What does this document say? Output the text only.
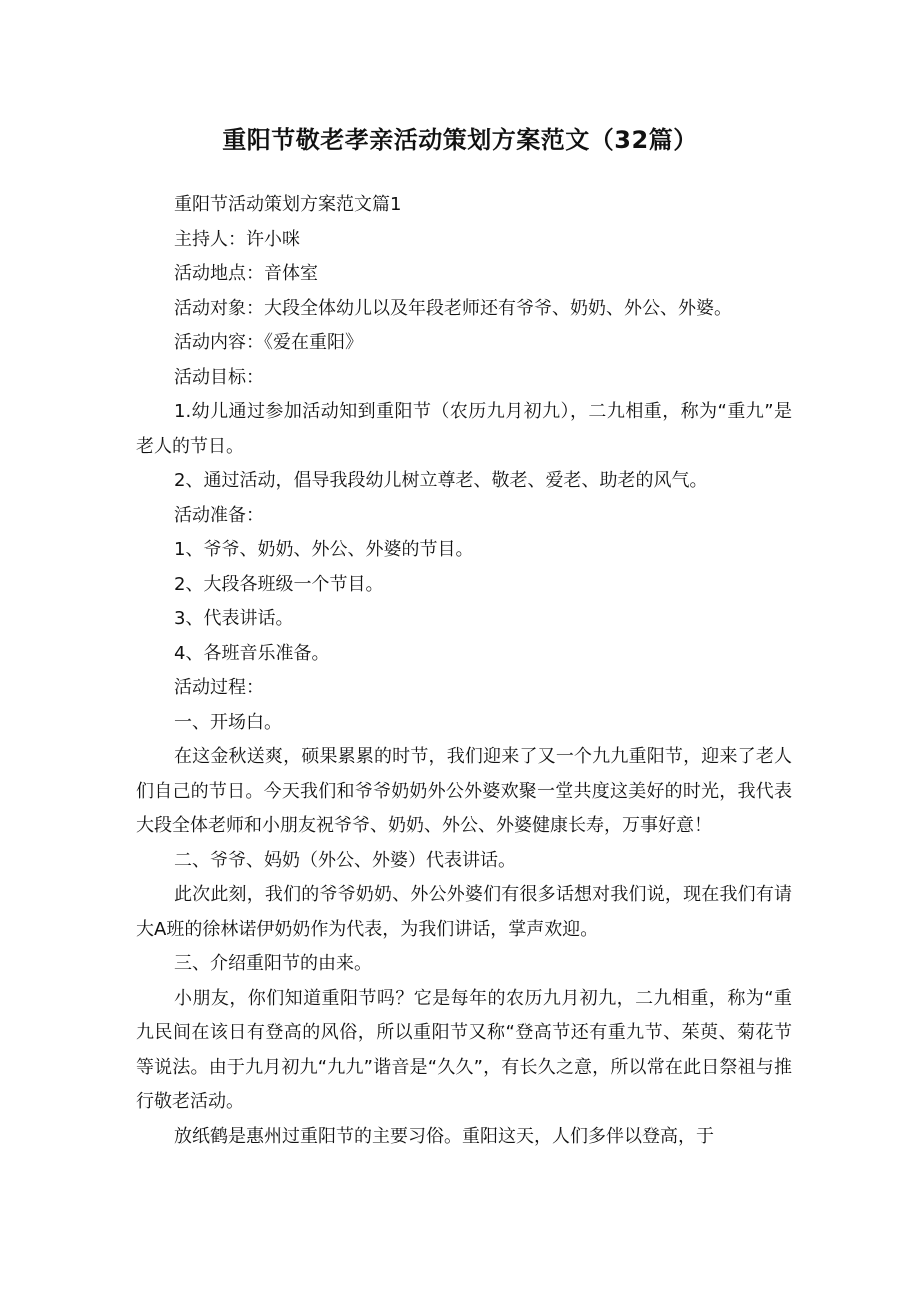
重阳节敬老孝亲活动策划方案范文（32篇）

重阳节活动策划方案范文篇1

主持人：许小咪

活动地点：音体室

活动对象：大段全体幼儿以及年段老师还有爷爷、奶奶、外公、外婆。

活动内容：《爱在重阳》

活动目标：

1.幼儿通过参加活动知到重阳节（农历九月初九），二九相重，称为“重九”是老人的节日。

2、通过活动，倡导我段幼儿树立尊老、敬老、爱老、助老的风气。

活动准备：

1、爷爷、奶奶、外公、外婆的节目。

2、大段各班级一个节目。

3、代表讲话。

4、各班音乐准备。

活动过程：

一、开场白。

在这金秋送爽，硕果累累的时节，我们迎来了又一个九九重阳节，迎来了老人们自己的节日。今天我们和爷爷奶奶外公外婆欢聚一堂共度这美好的时光，我代表大段全体老师和小朋友祝爷爷、奶奶、外公、外婆健康长寿，万事好意！

二、爷爷、妈奶（外公、外婆）代表讲话。

此次此刻，我们的爷爷奶奶、外公外婆们有很多话想对我们说，现在我们有请大A班的徐林诺伊奶奶作为代表，为我们讲话，掌声欢迎。

三、介绍重阳节的由来。

小朋友，你们知道重阳节吗？它是每年的农历九月初九，二九相重，称为“重九民间在该日有登高的风俗，所以重阳节又称“登高节还有重九节、茱萸、菊花节等说法。由于九月初九“九九”谐音是“久久”，有长久之意，所以常在此日祭祖与推行敬老活动。

放纸鹤是惠州过重阳节的主要习俗。重阳这天，人们多伴以登高，于
